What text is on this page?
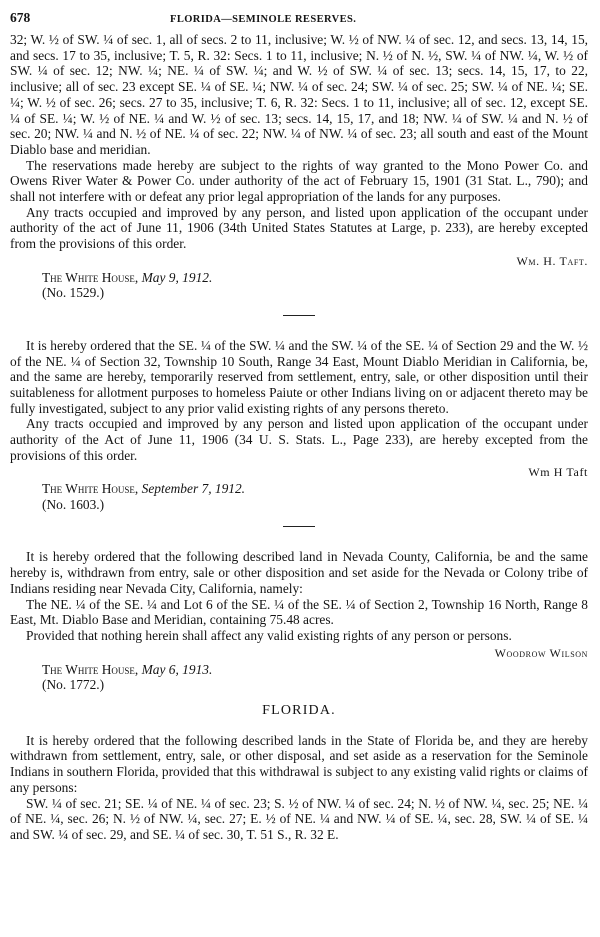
678	FLORIDA—SEMINOLE RESERVES.

32; W. ½ of SW. ¼ of sec. 1, all of secs. 2 to 11, inclusive; W. ½ of NW. ¼ of sec. 12, and secs. 13, 14, 15, and secs. 17 to 35, inclusive; T. 5, R. 32: Secs. 1 to 11, inclusive; N. ½ of N. ½, SW. ¼ of NW. ¼, W. ½ of SW. ¼ of sec. 12; NW. ¼; NE. ¼ of SW. ¼; and W. ½ of SW. ¼ of sec. 13; secs. 14, 15, 17, to 22, inclusive; all of sec. 23 except SE. ¼ of SE. ¼; NW. ¼ of sec. 24; SW. ¼ of sec. 25; SW. ¼ of NE. ¼; SE. ¼; W. ½ of sec. 26; secs. 27 to 35, inclusive; T. 6, R. 32: Secs. 1 to 11, inclusive; all of sec. 12, except SE. ¼ of SE. ¼; W. ½ of NE. ¼ and W. ½ of sec. 13; secs. 14, 15, 17, and 18; NW. ¼ of SW. ¼ and N. ½ of sec. 20; NW. ¼ and N. ½ of NE. ¼ of sec. 22; NW. ¼ of NW. ¼ of sec. 23; all south and east of the Mount Diablo base and meridian.

The reservations made hereby are subject to the rights of way granted to the Mono Power Co. and Owens River Water & Power Co. under authority of the act of February 15, 1901 (31 Stat. L., 790); and shall not interfere with or defeat any prior legal appropriation of the lands for any purposes.

Any tracts occupied and improved by any person, and listed upon application of the occupant under authority of the act of June 11, 1906 (34th United States Statutes at Large, p. 233), are hereby excepted from the provisions of this order.

Wm. H. Taft.
The White House, May 9, 1912.
(No. 1529.)

It is hereby ordered that the SE. ¼ of the SW. ¼ and the SW. ¼ of the SE. ¼ of Section 29 and the W. ½ of the NE. ¼ of Section 32, Township 10 South, Range 34 East, Mount Diablo Meridian in California, be, and the same are hereby, temporarily reserved from settlement, entry, sale, or other disposition until their suitableness for allotment purposes to homeless Paiute or other Indians living on or adjacent thereto may be fully investigated, subject to any prior valid existing rights of any persons thereto.

Any tracts occupied and improved by any person and listed upon application of the occupant under authority of the Act of June 11, 1906 (34 U. S. Stats. L., Page 233), are hereby excepted from the provisions of this order.

Wm H Taft
The White House, September 7, 1912.
(No. 1603.)

It is hereby ordered that the following described land in Nevada County, California, be and the same hereby is, withdrawn from entry, sale or other disposition and set aside for the Nevada or Colony tribe of Indians residing near Nevada City, California, namely:

The NE. ¼ of the SE. ¼ and Lot 6 of the SE. ¼ of the SE. ¼ of Section 2, Township 16 North, Range 8 East, Mt. Diablo Base and Meridian, containing 75.48 acres.

Provided that nothing herein shall affect any valid existing rights of any person or persons.

Woodrow Wilson
The White House, May 6, 1913.
(No. 1772.)
FLORIDA.

It is hereby ordered that the following described lands in the State of Florida be, and they are hereby withdrawn from settlement, entry, sale, or other disposal, and set aside as a reservation for the Seminole Indians in southern Florida, provided that this withdrawal is subject to any existing valid rights or claims of any persons:

SW. ¼ of sec. 21; SE. ¼ of NE. ¼ of sec. 23; S. ½ of NW. ¼ of sec. 24; N. ½ of NW. ¼, sec. 25; NE. ¼ of NE. ¼, sec. 26; N. ½ of NW. ¼, sec. 27; E. ½ of NE. ¼ and NW. ¼ of SE. ¼, sec. 28, SW. ¼ of SE. ¼ and SW. ¼ of sec. 29, and SE. ¼ of sec. 30, T. 51 S., R. 32 E.
